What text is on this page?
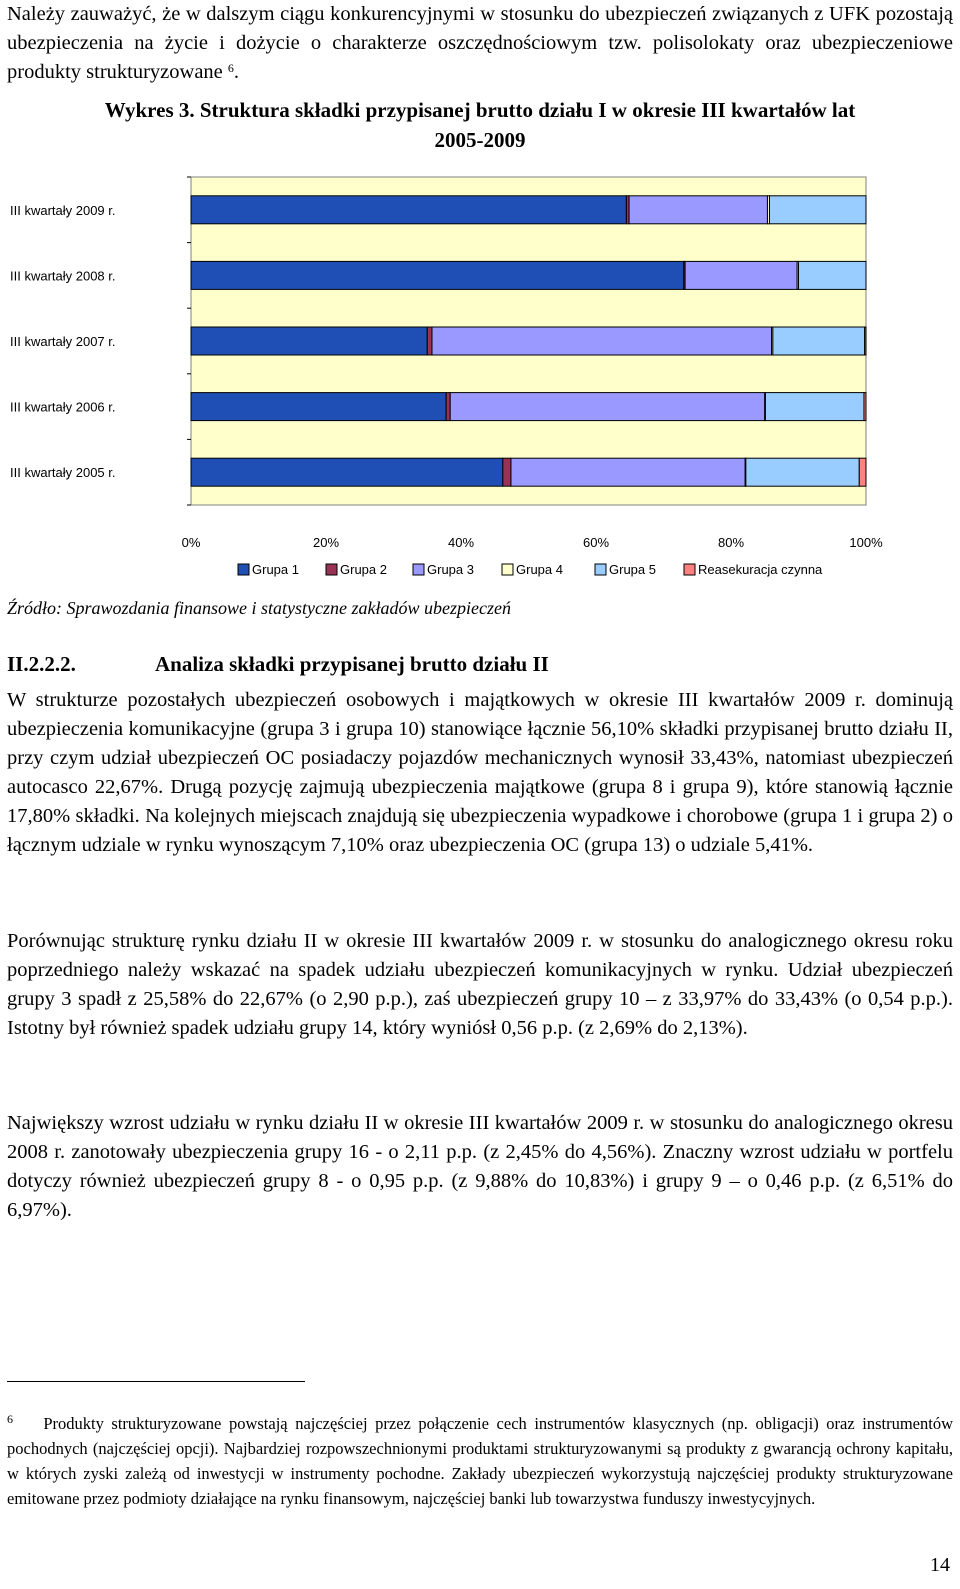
Należy zauważyć, że w dalszym ciągu konkurencyjnymi w stosunku do ubezpieczeń związanych z UFK pozostają ubezpieczenia na życie i dożycie o charakterze oszczędnościowym tzw. polisolokaty oraz ubezpieczeniowe produkty strukturyzowane $^6$.

Wykres 3. Struktura składki przypisanej brutto działu I w okresie III kwartałów lat
2005-2009
III kwartały 2009 r.
III kwartały 2008 r.
III kwartały 2007 r.
III kwartały 2006 r.
III kwartały 2005 r.
0%	20%	40%	60%	80%	100%
Grupa 1	Grupa 2	Grupa 3	Grupa 4	Grupa 5	Reasekuracja czynna
Źródło: Sprawozdania finansowe i statystyczne zakładów ubezpieczeń
II.2.2.2.	Analiza składki przypisanej brutto działu II

W strukturze pozostałych ubezpieczeń osobowych i majątkowych w okresie III kwartałów 2009 r. dominują ubezpieczenia komunikacyjne (grupa 3 i grupa 10) stanowiące łącznie 56,10% składki przypisanej brutto działu II, przy czym udział ubezpieczeń OC posiadaczy pojazdów mechanicznych wynosił 33,43%, natomiast ubezpieczeń autocasco 22,67%. Drugą pozycję zajmują ubezpieczenia majątkowe (grupa 8 i grupa 9), które stanowią łącznie 17,80% składki. Na kolejnych miejscach znajdują się ubezpieczenia wypadkowe i chorobowe (grupa 1 i grupa 2) o łącznym udziale w rynku wynoszącym 7,10% oraz ubezpieczenia OC (grupa 13) o udziale 5,41%.

Porównując strukturę rynku działu II w okresie III kwartałów 2009 r. w stosunku do analogicznego okresu roku poprzedniego należy wskazać na spadek udziału ubezpieczeń komunikacyjnych w rynku. Udział ubezpieczeń grupy 3 spadł z 25,58% do 22,67% (o 2,90 p.p.), zaś ubezpieczeń grupy 10 – z 33,97% do 33,43% (o 0,54 p.p.). Istotny był również spadek udziału grupy 14, który wyniósł 0,56 p.p. (z 2,69% do 2,13%).

Największy wzrost udziału w rynku działu II w okresie III kwartałów 2009 r. w stosunku do analogicznego okresu 2008 r. zanotowały ubezpieczenia grupy 16 - o 2,11 p.p. (z 2,45% do 4,56%). Znaczny wzrost udziału w portfelu dotyczy również ubezpieczeń grupy 8 - o 0,95 p.p. (z 9,88% do 10,83%) i grupy 9 – o 0,46 p.p. (z 6,51% do 6,97%).

$^6$ Produkty strukturyzowane powstają najczęściej przez połączenie cech instrumentów klasycznych (np. obligacji) oraz instrumentów pochodnych (najczęściej opcji). Najbardziej rozpowszechnionymi produktami strukturyzowanymi są produkty z gwarancją ochrony kapitału, w których zyski zależą od inwestycji w instrumenty pochodne. Zakłady ubezpieczeń wykorzystują najczęściej produkty strukturyzowane emitowane przez podmioty działające na rynku finansowym, najczęściej banki lub towarzystwa funduszy inwestycyjnych.

14
